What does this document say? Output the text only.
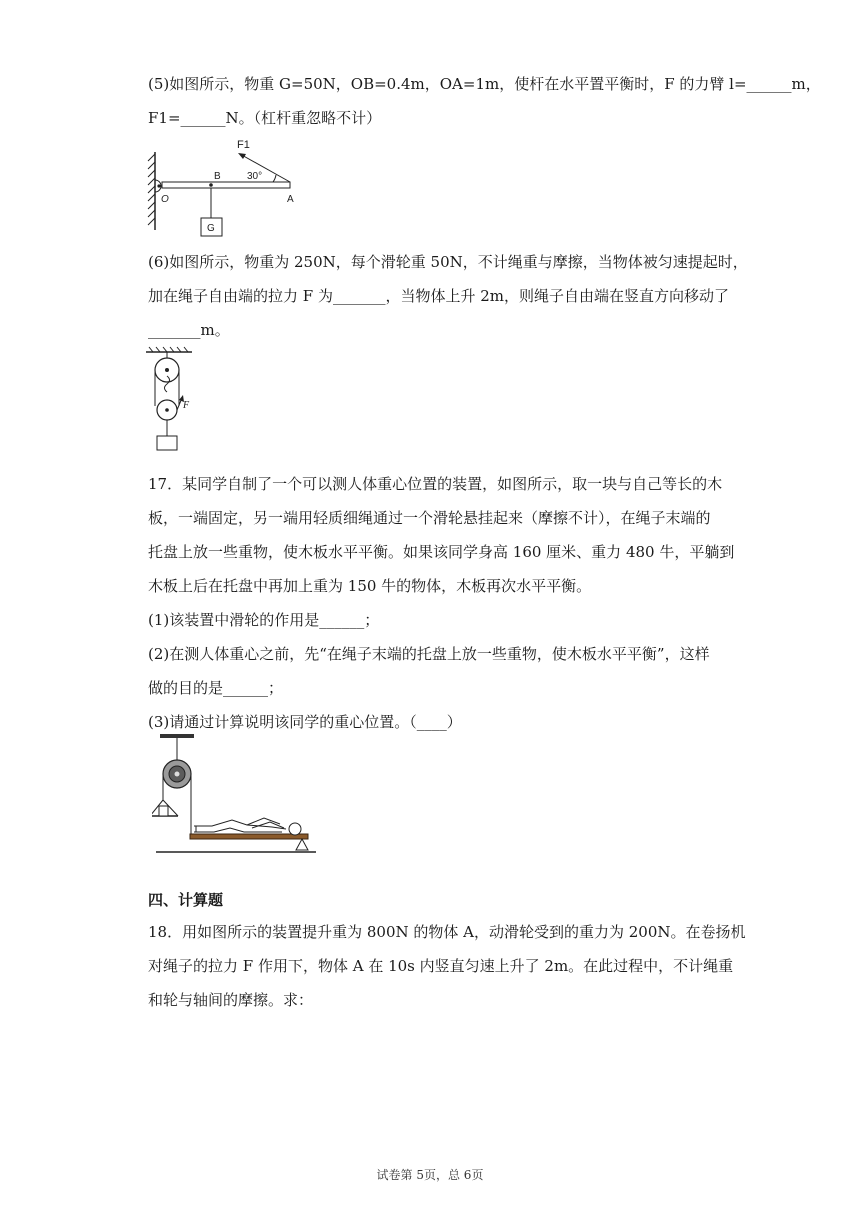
(5)如图所示，物重 G=50N，OB=0.4m，OA=1m，使杆在水平置平衡时，F 的力臂 l=______m，
F1=______N。（杠杆重忽略不计）
F1
B	30°
O	A
G
(6)如图所示，物重为 250N，每个滑轮重 50N，不计绳重与摩擦，当物体被匀速提起时，
加在绳子自由端的拉力 F 为_______，当物体上升 2m，则绳子自由端在竖直方向移动了
_______m。
F
17．某同学自制了一个可以测人体重心位置的装置，如图所示，取一块与自己等长的木
板，一端固定，另一端用轻质细绳通过一个滑轮悬挂起来（摩擦不计），在绳子末端的
托盘上放一些重物，使木板水平平衡。如果该同学身高 160 厘米、重力 480 牛，平躺到
木板上后在托盘中再加上重为 150 牛的物体，木板再次水平平衡。
(1)该装置中滑轮的作用是______；
(2)在测人体重心之前，先“在绳子末端的托盘上放一些重物，使木板水平平衡”，这样
做的目的是______；
(3)请通过计算说明该同学的重心位置。（____）
四、计算题
18．用如图所示的装置提升重为 800N 的物体 A，动滑轮受到的重力为 200N。在卷扬机
对绳子的拉力 F 作用下，物体 A 在 10s 内竖直匀速上升了 2m。在此过程中，不计绳重
和轮与轴间的摩擦。求：
试卷第 5页，总 6页
